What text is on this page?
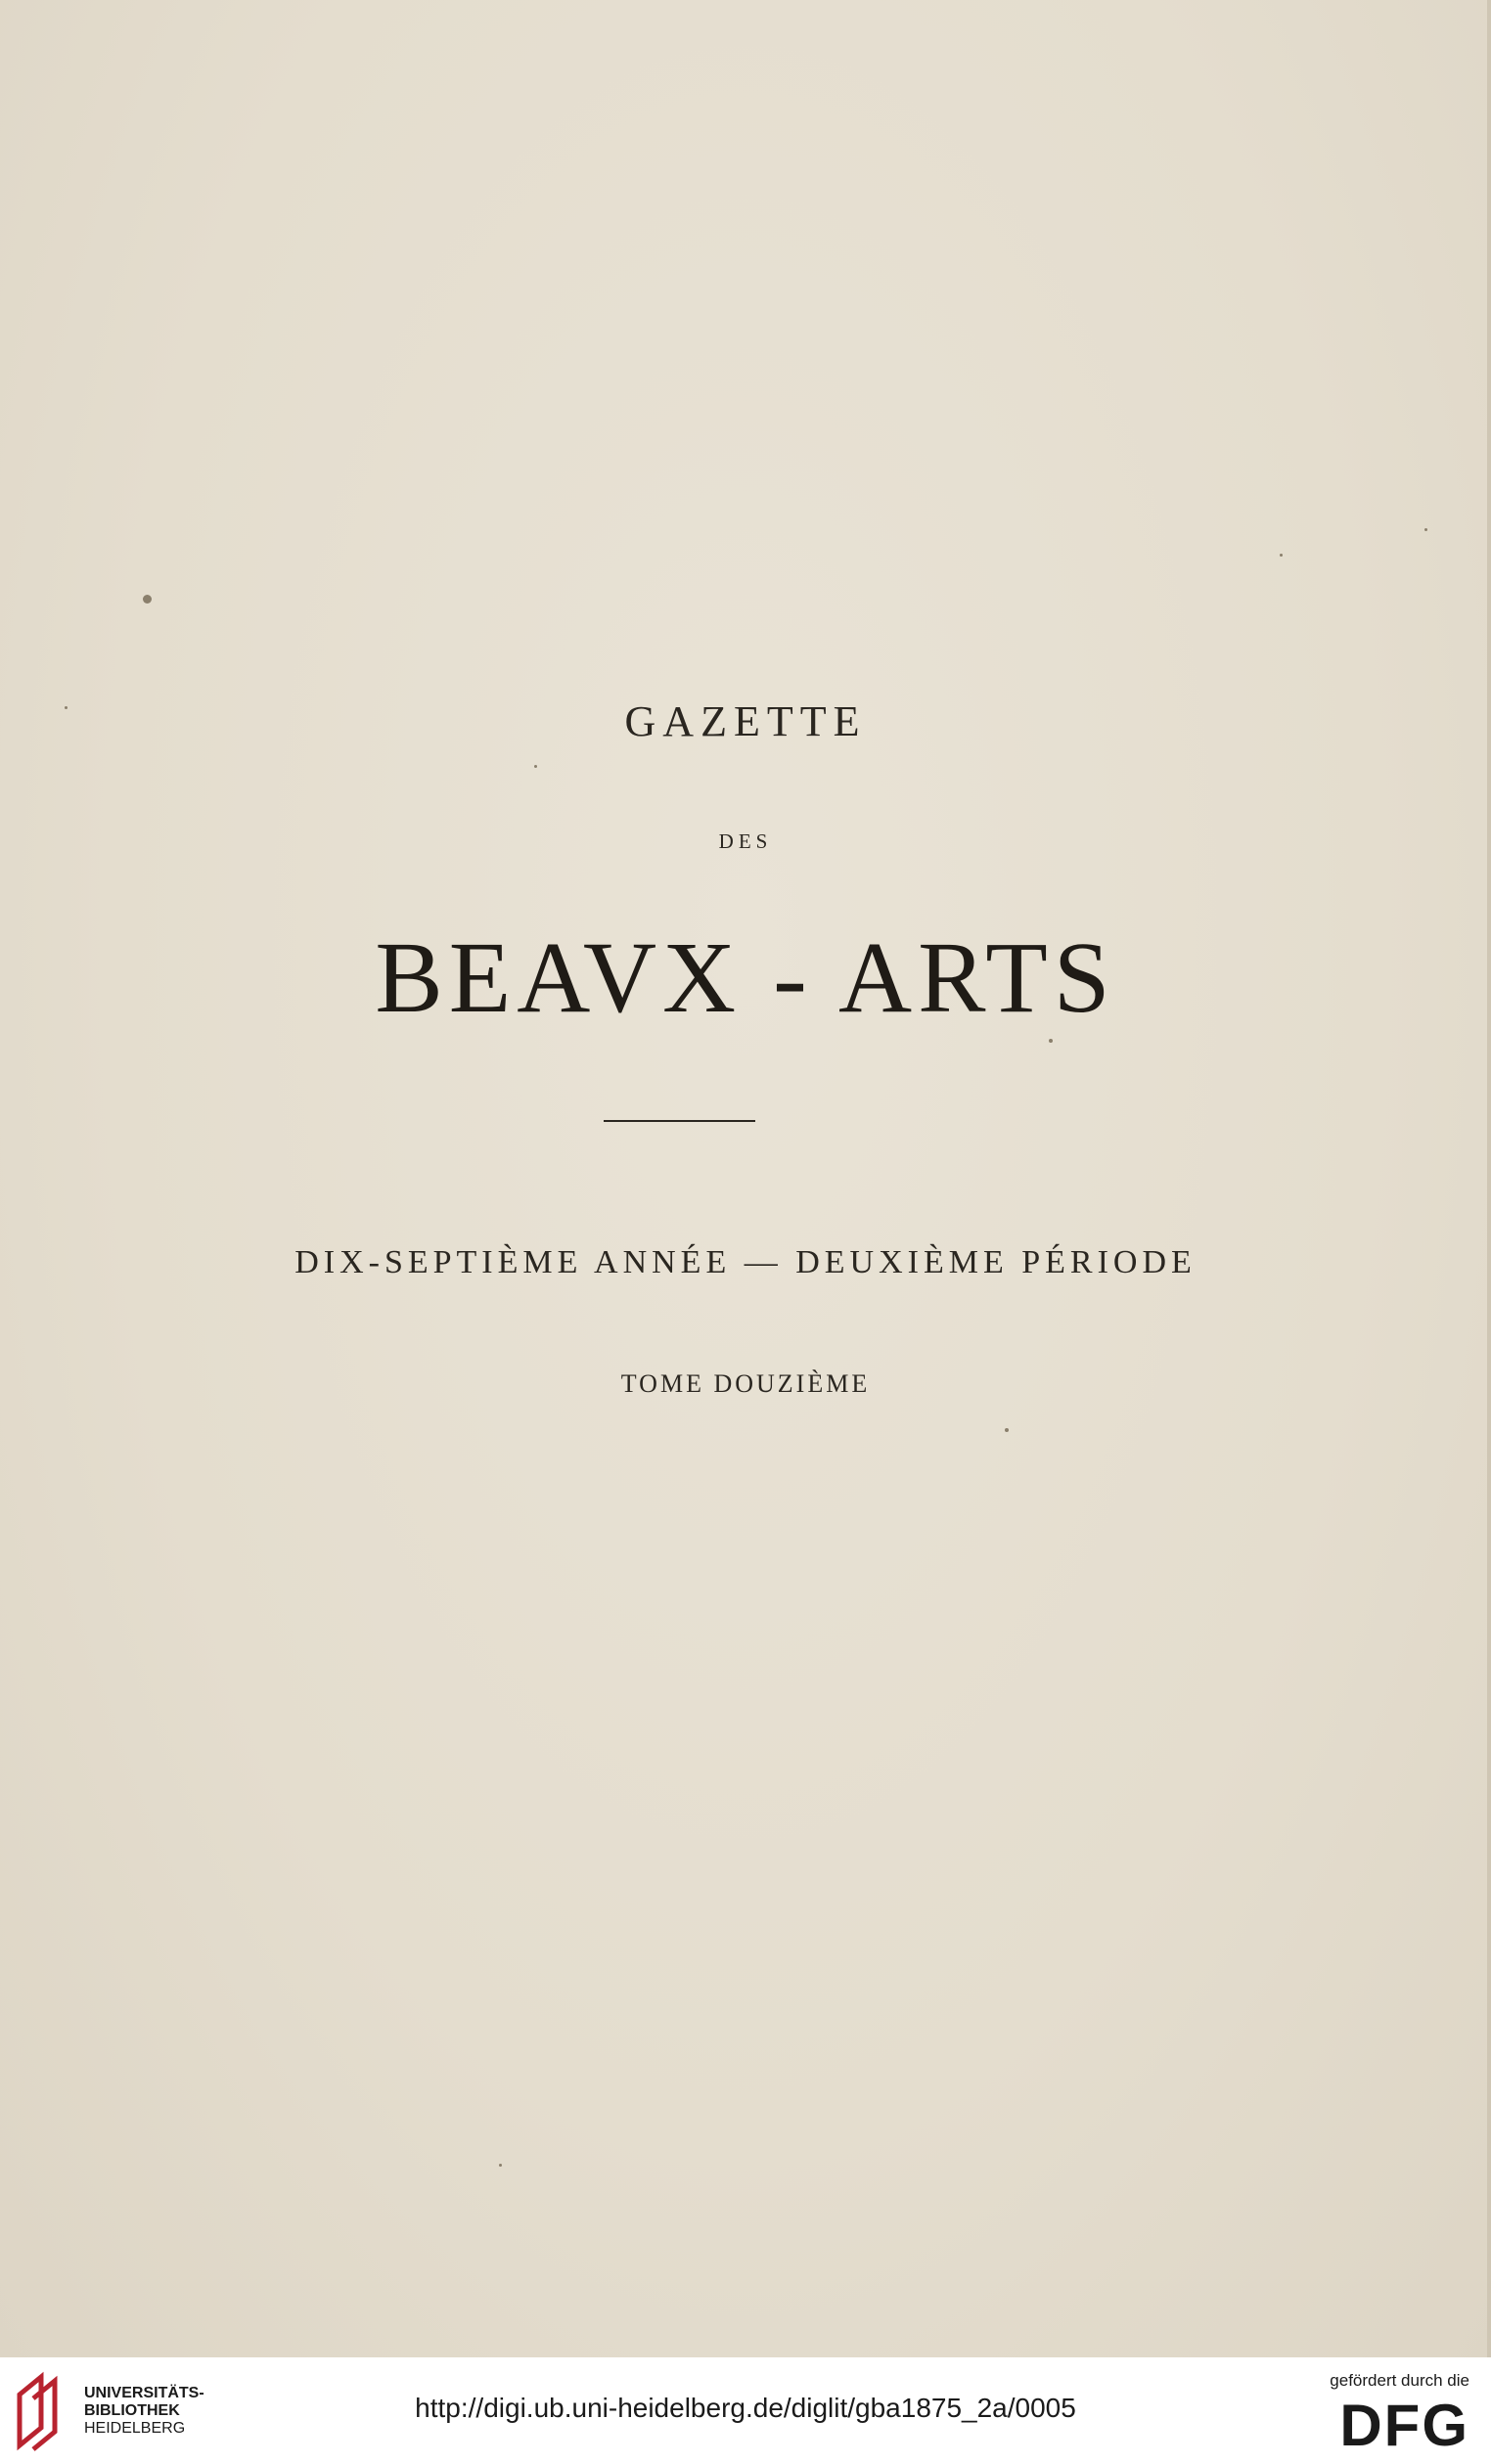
GAZETTE
DES
BEAVX - ARTS
DIX-SEPTIÈME ANNÉE — DEUXIÈME PÉRIODE
TOME DOUZIÈME
UNIVERSITÄTS-
BIBLIOTHEK
HEIDELBERG
http://digi.ub.uni-heidelberg.de/diglit/gba1875_2a/0005
gefördert durch die
DFG
